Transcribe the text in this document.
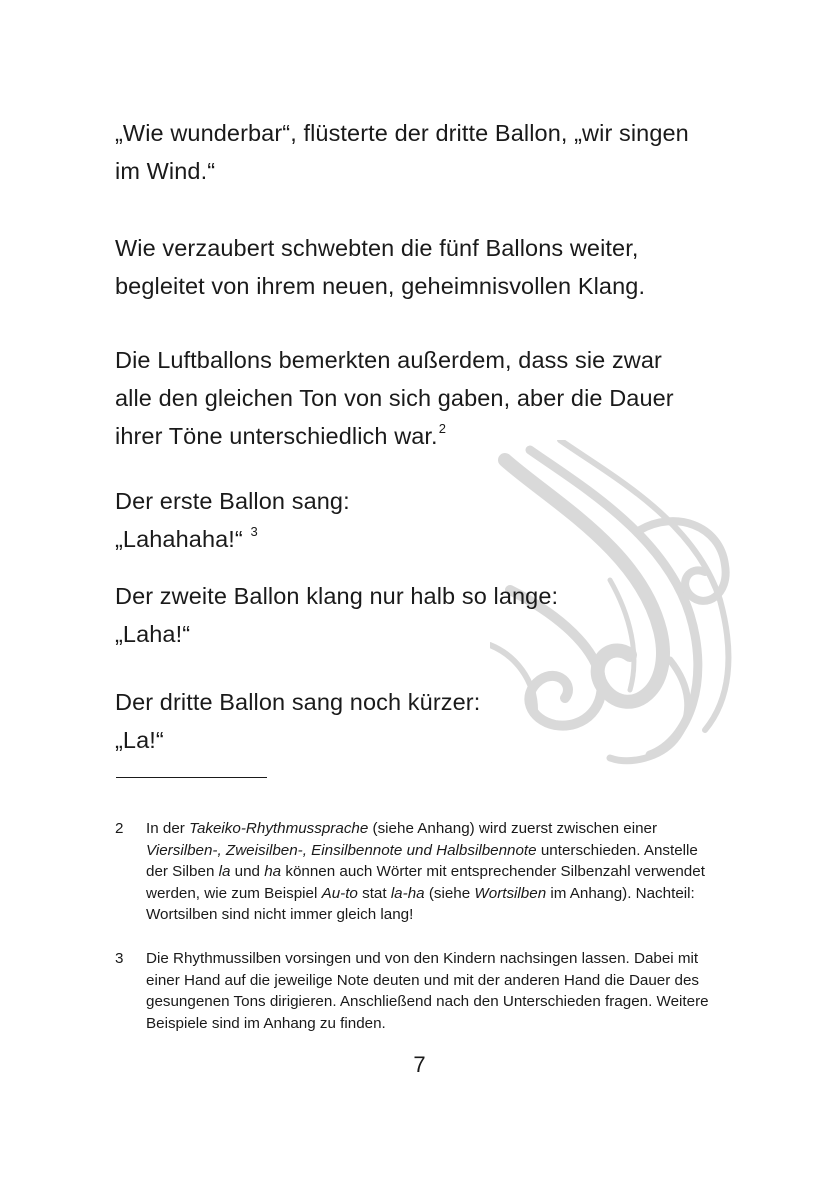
„Wie wunderbar“, flüsterte der dritte Ballon, „wir singen

im Wind.“

Wie verzaubert schwebten die fünf Ballons weiter,

begleitet von ihrem neuen, geheimnisvollen Klang.

Die Luftballons bemerkten außerdem, dass sie zwar

alle den gleichen Ton von sich gaben, aber die Dauer

ihrer Töne unterschiedlich war.$^2$

Der erste Ballon sang:

„Lahahaha!“ $^3$

Der zweite Ballon klang nur halb so lange:

„Laha!“

Der dritte Ballon sang noch kürzer:

„La!“

2 In der Takeiko-Rhythmussprache (siehe Anhang) wird zuerst zwischen einer Viersilben-, Zweisilben-, Einsilbennote und Halbsilbennote unterschieden. Anstelle der Silben la und ha können auch Wörter mit entsprechender Silbenzahl verwendet werden, wie zum Beispiel Au-to stat la-ha (siehe Wortsilben im Anhang). Nachteil: Wortsilben sind nicht immer gleich lang!
3 Die Rhythmussilben vorsingen und von den Kindern nachsingen lassen. Dabei mit einer Hand auf die jeweilige Note deuten und mit der anderen Hand die Dauer des gesungenen Tons dirigieren. Anschließend nach den Unterschieden fragen. Weitere Beispiele sind im Anhang zu finden.
7
